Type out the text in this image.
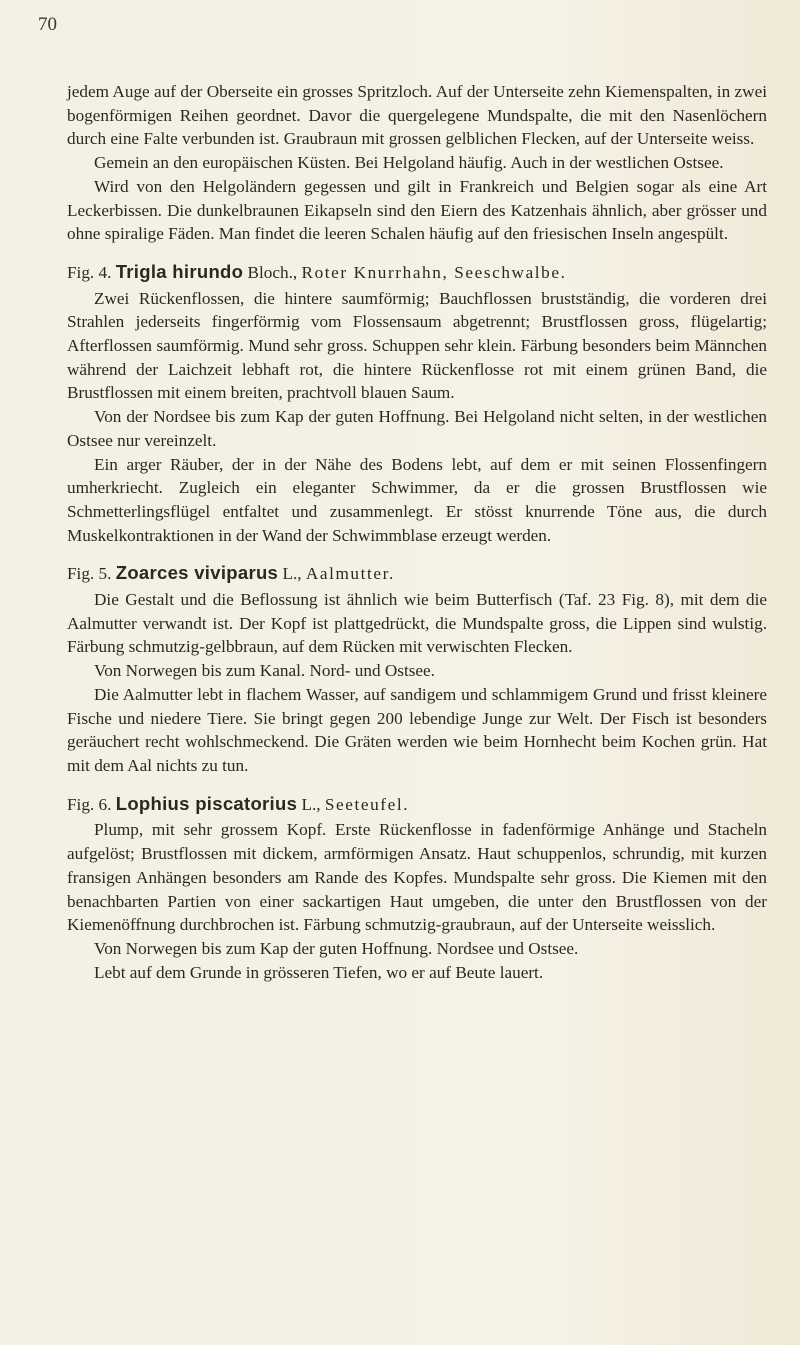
70

jedem Auge auf der Oberseite ein grosses Spritzloch. Auf der Unterseite zehn Kiemenspalten, in zwei bogenförmigen Reihen geordnet. Davor die quergelegene Mundspalte, die mit den Nasenlöchern durch eine Falte verbunden ist. Graubraun mit grossen gelblichen Flecken, auf der Unterseite weiss.

Gemein an den europäischen Küsten. Bei Helgoland häufig. Auch in der westlichen Ostsee.

Wird von den Helgoländern gegessen und gilt in Frankreich und Belgien sogar als eine Art Leckerbissen. Die dunkelbraunen Eikapseln sind den Eiern des Katzenhais ähnlich, aber grösser und ohne spiralige Fäden. Man findet die leeren Schalen häufig auf den friesischen Inseln angespült.

Fig. 4. Trigla hirundo Bloch., Roter Knurrhahn, Seeschwalbe.

Zwei Rückenflossen, die hintere saumförmig; Bauchflossen brustständig, die vorderen drei Strahlen jederseits fingerförmig vom Flossensaum abgetrennt; Brustflossen gross, flügelartig; Afterflossen saumförmig. Mund sehr gross. Schuppen sehr klein. Färbung besonders beim Männchen während der Laichzeit lebhaft rot, die hintere Rückenflosse rot mit einem grünen Band, die Brustflossen mit einem breiten, prachtvoll blauen Saum.

Von der Nordsee bis zum Kap der guten Hoffnung. Bei Helgoland nicht selten, in der westlichen Ostsee nur vereinzelt.

Ein arger Räuber, der in der Nähe des Bodens lebt, auf dem er mit seinen Flossenfingern umherkriecht. Zugleich ein eleganter Schwimmer, da er die grossen Brustflossen wie Schmetterlingsflügel entfaltet und zusammenlegt. Er stösst knurrende Töne aus, die durch Muskelkontraktionen in der Wand der Schwimmblase erzeugt werden.

Fig. 5. Zoarces viviparus L., Aalmutter.

Die Gestalt und die Beflossung ist ähnlich wie beim Butterfisch (Taf. 23 Fig. 8), mit dem die Aalmutter verwandt ist. Der Kopf ist plattgedrückt, die Mundspalte gross, die Lippen sind wulstig. Färbung schmutzig-gelbbraun, auf dem Rücken mit verwischten Flecken.

Von Norwegen bis zum Kanal. Nord- und Ostsee.

Die Aalmutter lebt in flachem Wasser, auf sandigem und schlammigem Grund und frisst kleinere Fische und niedere Tiere. Sie bringt gegen 200 lebendige Junge zur Welt. Der Fisch ist besonders geräuchert recht wohlschmeckend. Die Gräten werden wie beim Hornhecht beim Kochen grün. Hat mit dem Aal nichts zu tun.

Fig. 6. Lophius piscatorius L., Seeteufel.

Plump, mit sehr grossem Kopf. Erste Rückenflosse in fadenförmige Anhänge und Stacheln aufgelöst; Brustflossen mit dickem, armförmigen Ansatz. Haut schuppenlos, schrundig, mit kurzen fransigen Anhängen besonders am Rande des Kopfes. Mundspalte sehr gross. Die Kiemen mit den benachbarten Partien von einer sackartigen Haut umgeben, die unter den Brustflossen von der Kiemenöffnung durchbrochen ist. Färbung schmutzig-graubraun, auf der Unterseite weisslich.

Von Norwegen bis zum Kap der guten Hoffnung. Nordsee und Ostsee.

Lebt auf dem Grunde in grösseren Tiefen, wo er auf Beute lauert.
